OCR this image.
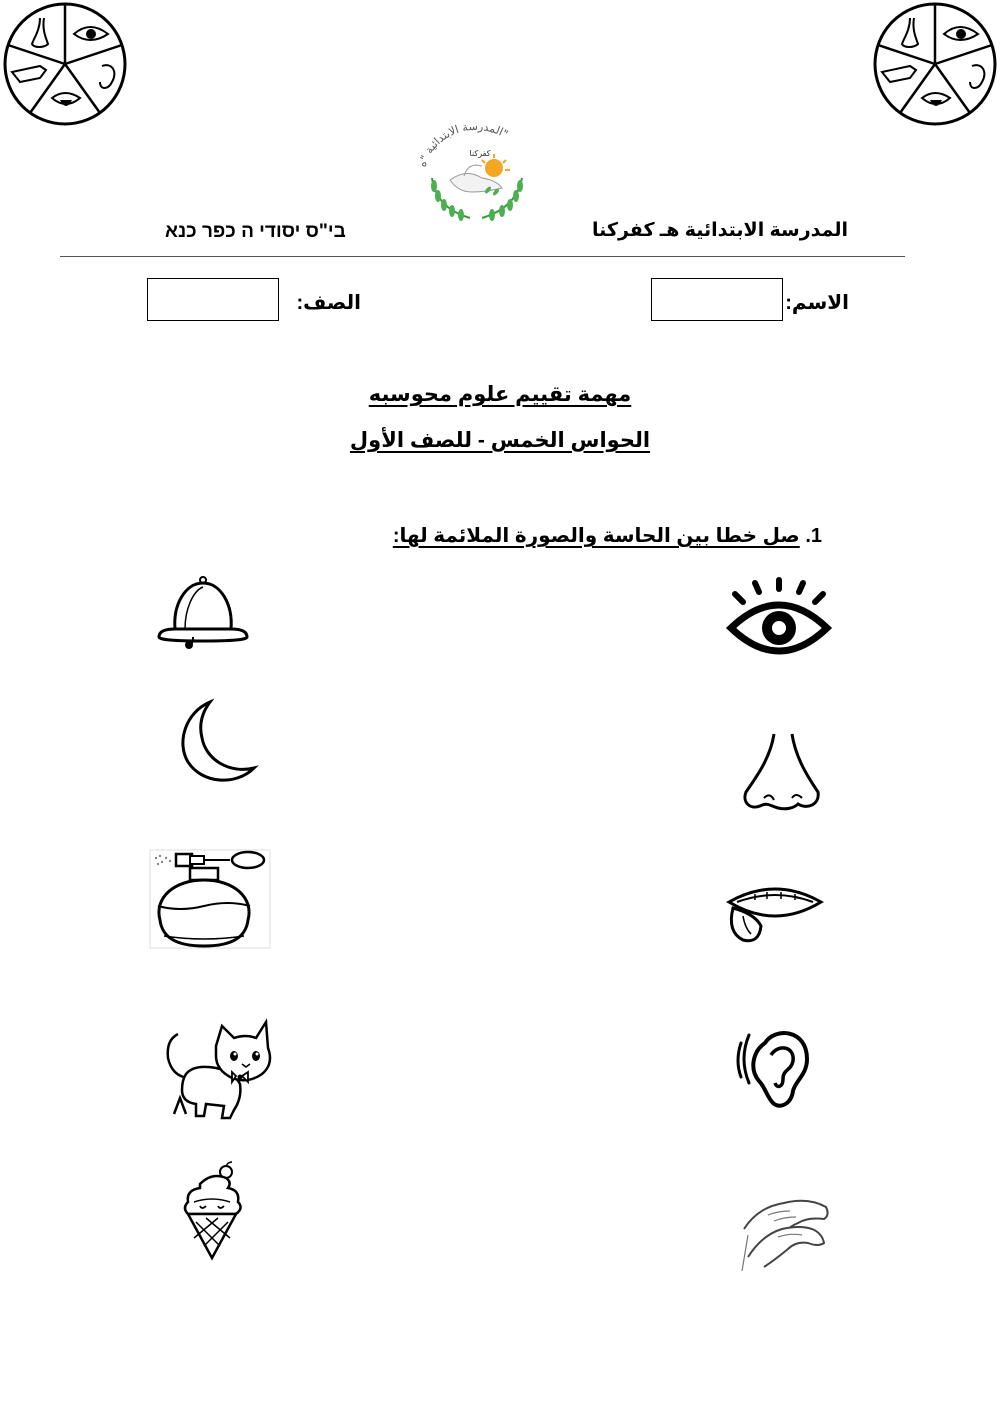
المدرسة الابتدائية "ه"
كفركنا
المدرسة الابتدائية هـ كفركنا
בי"ס יסודי ה כפר כנא
الاسم:
الصف:
مهمة تقييم علوم محوسبه
الحواس الخمس - للصف الأول
1. صل خطا بين الحاسة والصورة الملائمة لها:
